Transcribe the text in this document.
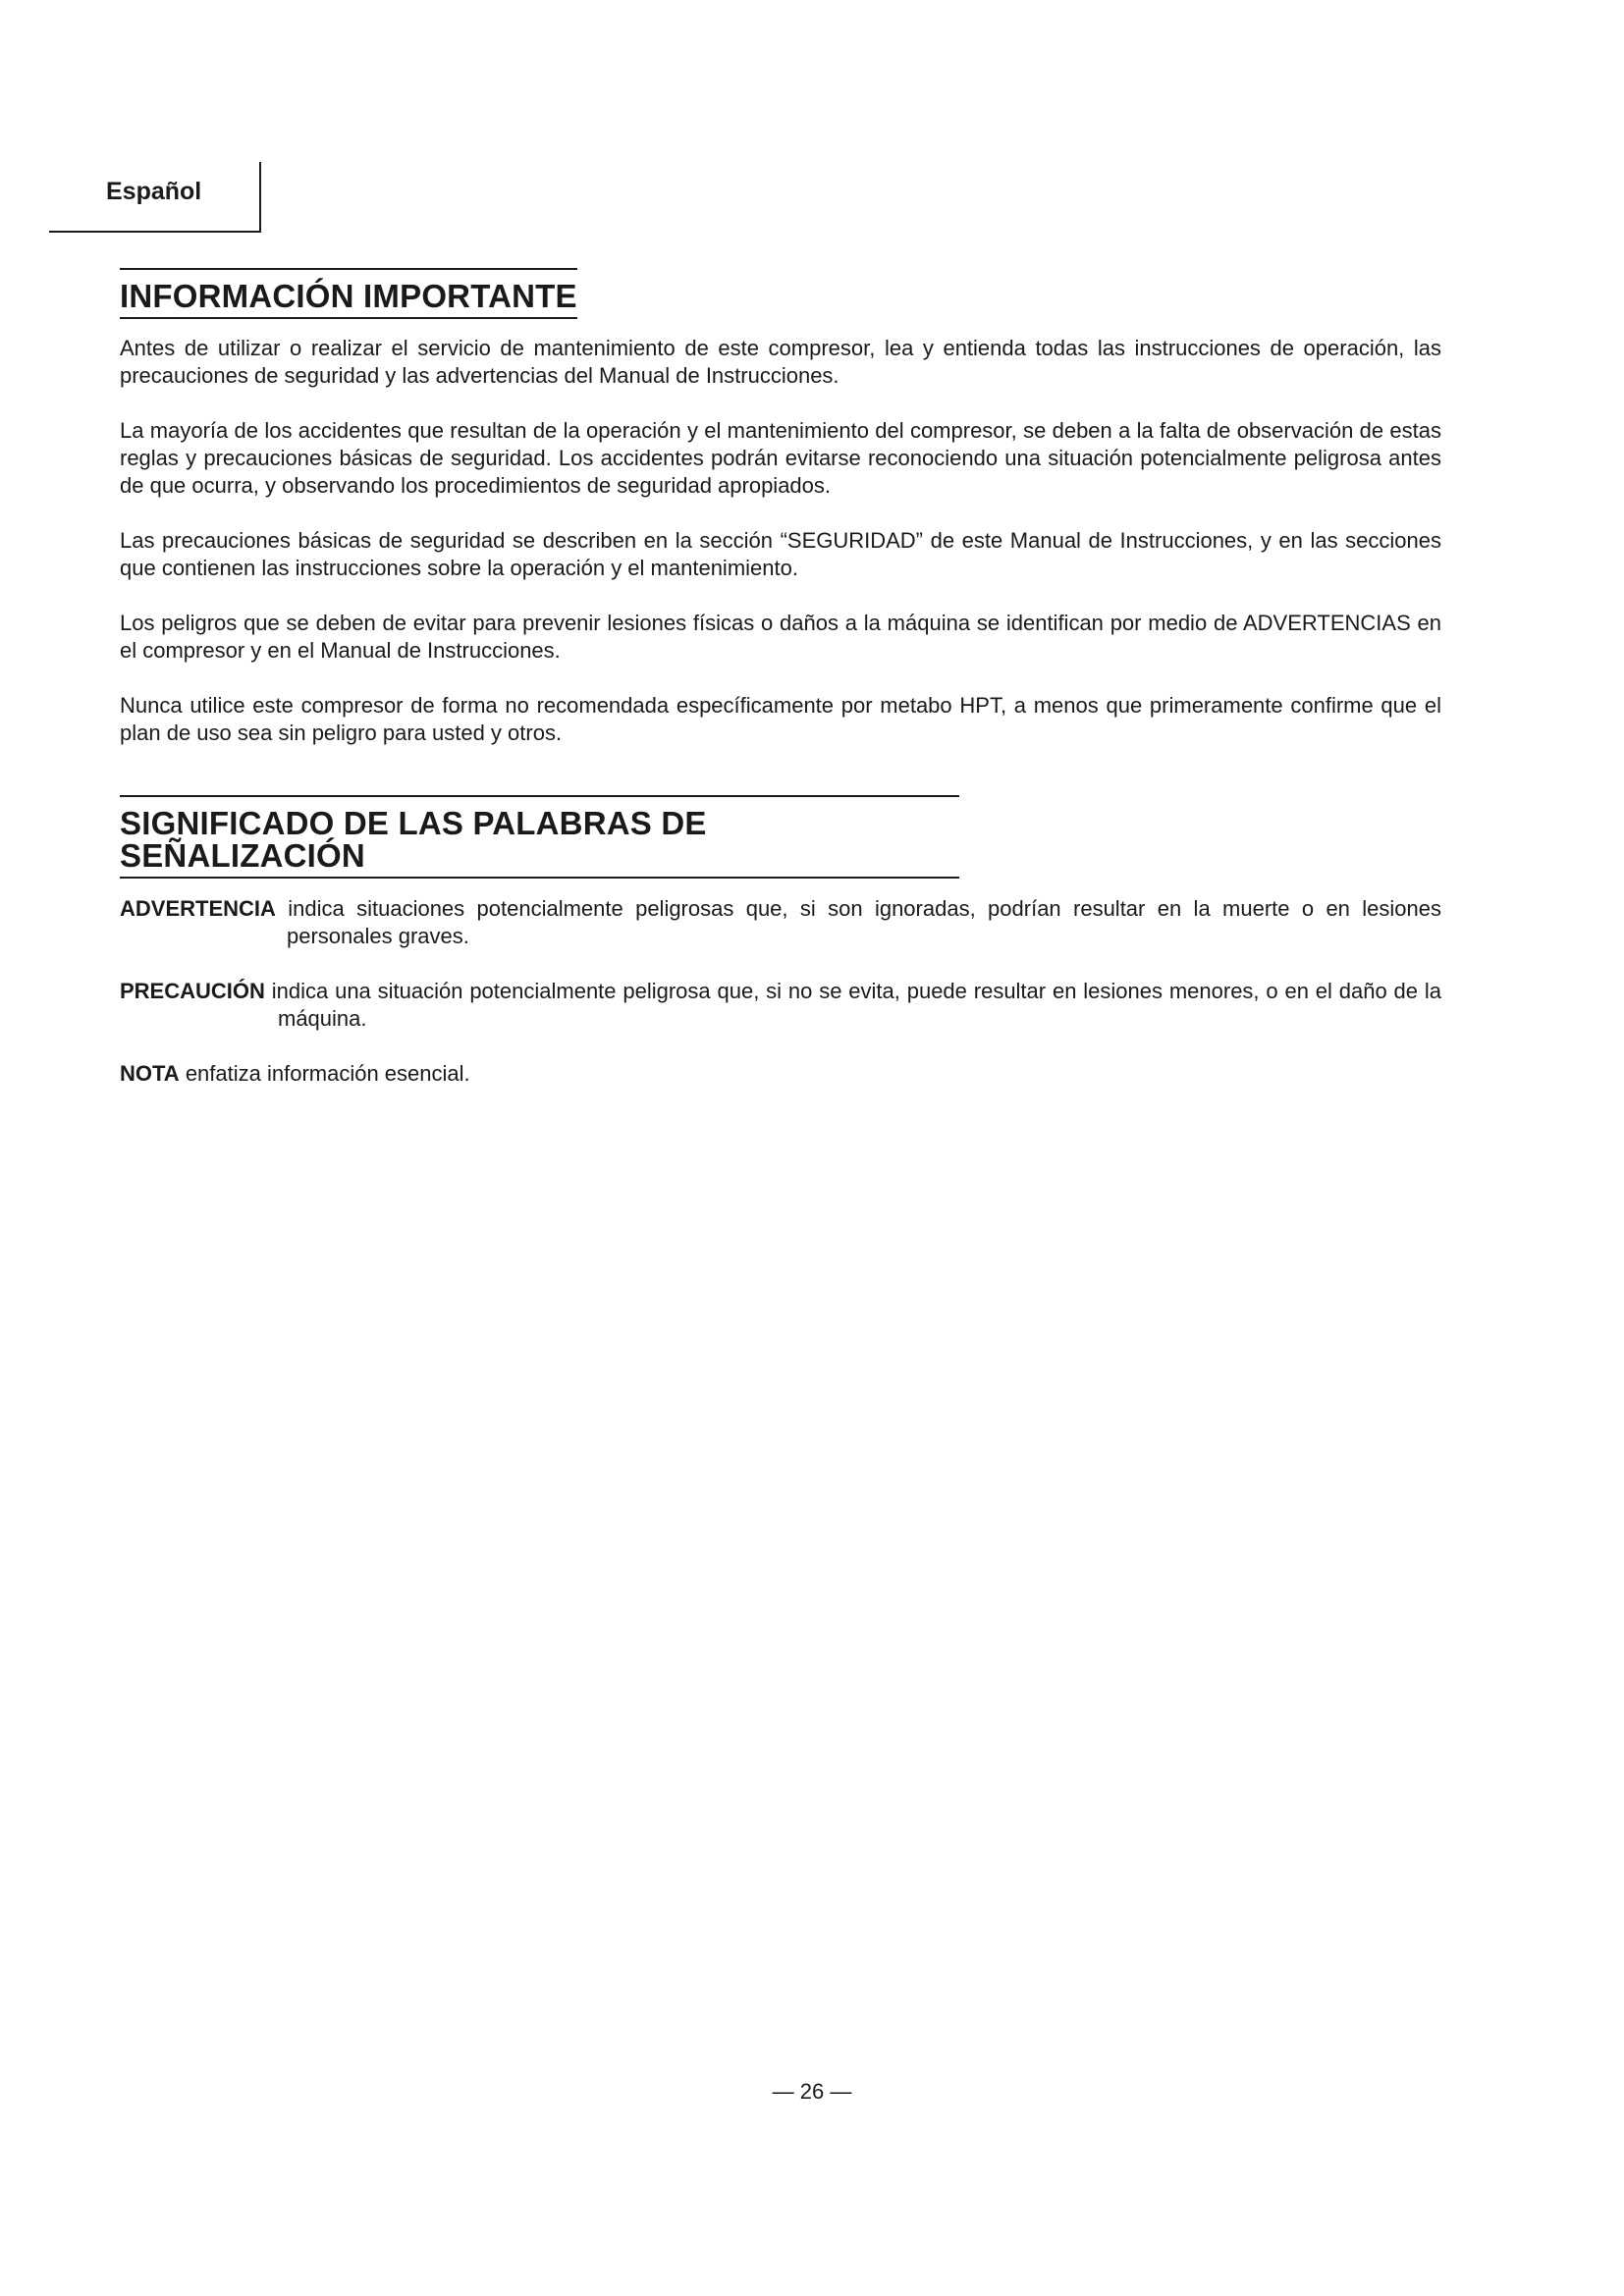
Español
INFORMACIÓN IMPORTANTE

Antes de utilizar o realizar el servicio de mantenimiento de este compresor, lea y entienda todas las instrucciones de operación, las precauciones de seguridad y las advertencias del Manual de Instrucciones.

La mayoría de los accidentes que resultan de la operación y el mantenimiento del compresor, se deben a la falta de observación de estas reglas y precauciones básicas de seguridad. Los accidentes podrán evitarse reconociendo una situación potencialmente peligrosa antes de que ocurra, y observando los procedimientos de seguridad apropiados.

Las precauciones básicas de seguridad se describen en la sección “SEGURIDAD” de este Manual de Instrucciones, y en las secciones que contienen las instrucciones sobre la operación y el mantenimiento.

Los peligros que se deben de evitar para prevenir lesiones físicas o daños a la máquina se identifican por medio de ADVERTENCIAS en el compresor y en el Manual de Instrucciones.

Nunca utilice este compresor de forma no recomendada específicamente por metabo HPT, a menos que primeramente confirme que el plan de uso sea sin peligro para usted y otros.

SIGNIFICADO DE LAS PALABRAS DE SEÑALIZACIÓN

ADVERTENCIA indica situaciones potencialmente peligrosas que, si son ignoradas, podrían resultar en la muerte o en lesiones personales graves.

PRECAUCIÓN indica una situación potencialmente peligrosa que, si no se evita, puede resultar en lesiones menores, o en el daño de la máquina.

NOTA enfatiza información esencial.

— 26 —
